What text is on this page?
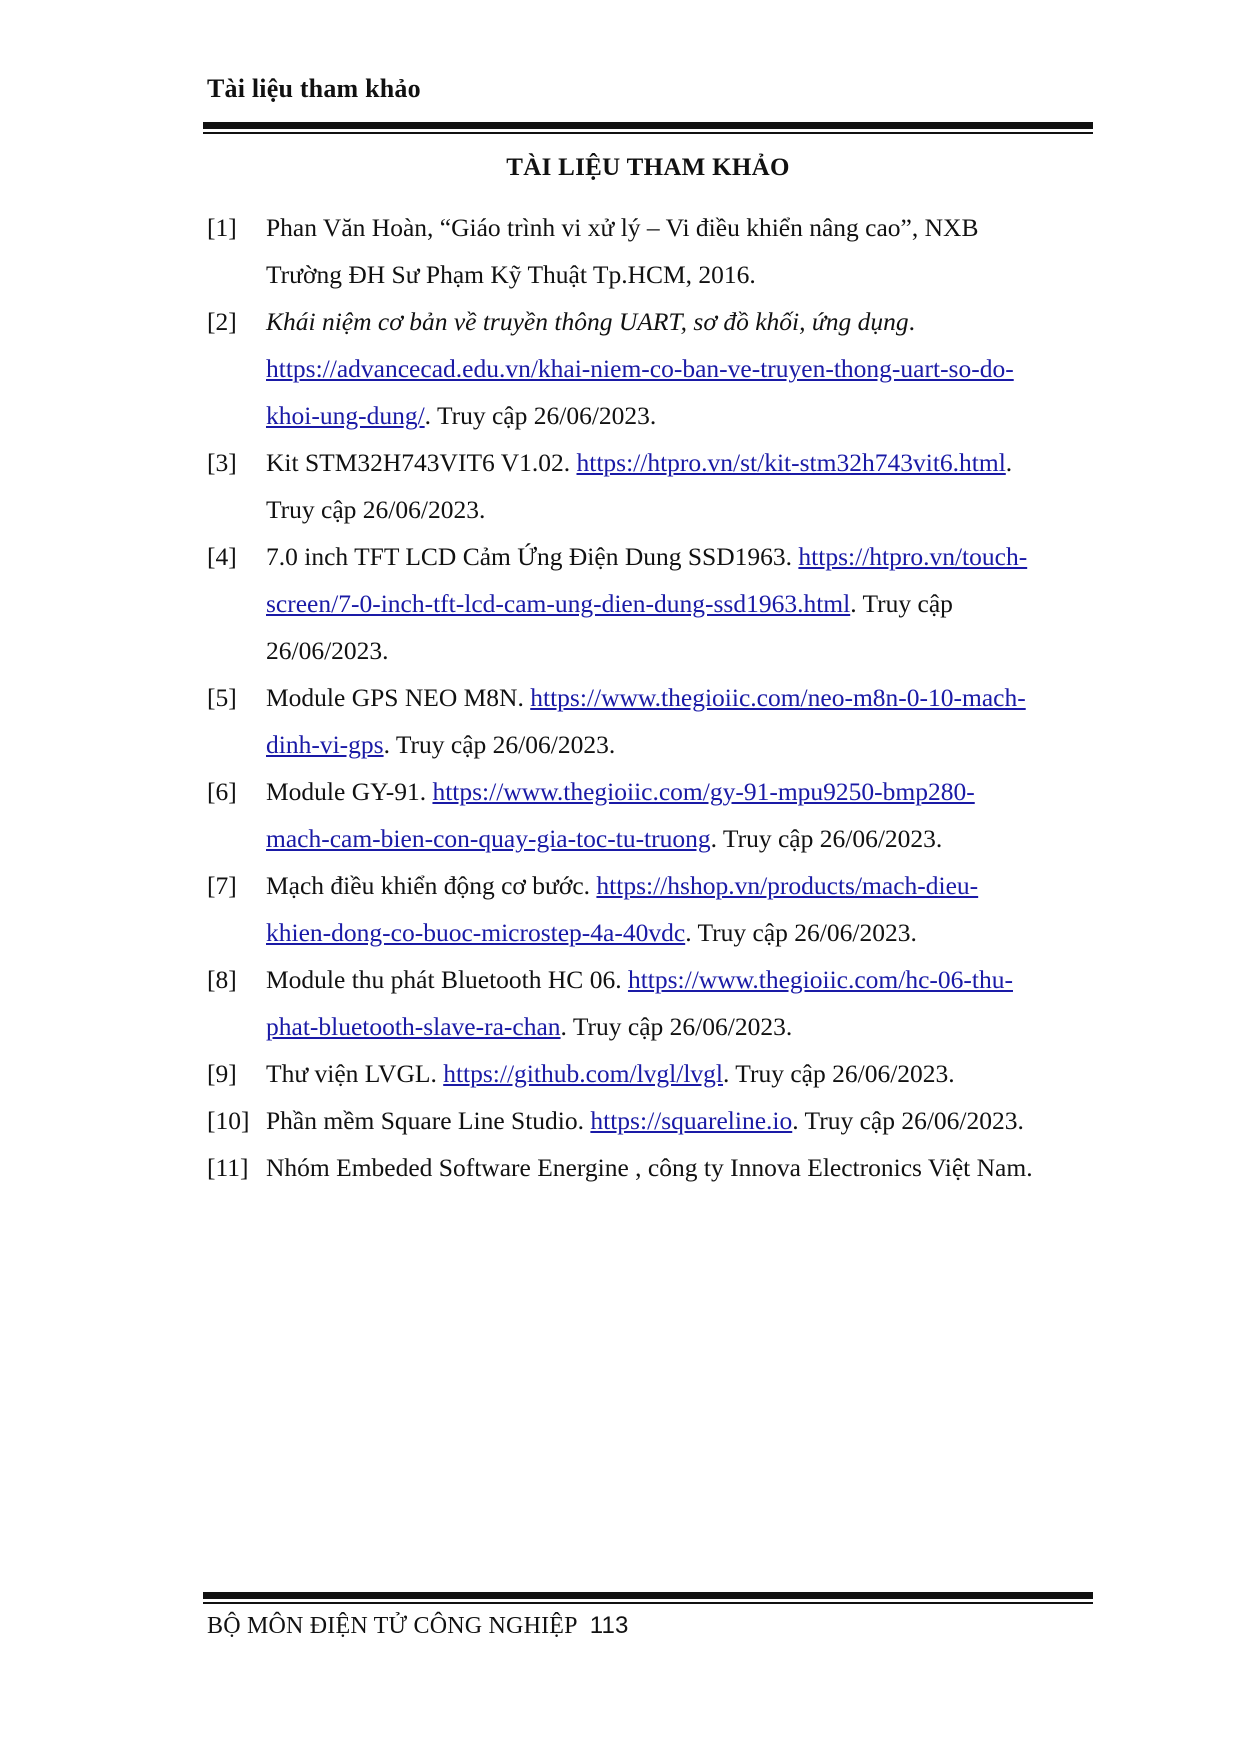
Tài liệu tham khảo
TÀI LIỆU THAM KHẢO
[1]	Phan Văn Hoàn, “Giáo trình vi xử lý – Vi điều khiển nâng cao”, NXB
Trường ĐH Sư Phạm Kỹ Thuật Tp.HCM, 2016.
[2]	Khái niệm cơ bản về truyền thông UART, sơ đồ khối, ứng dụng.
https://advancecad.edu.vn/khai-niem-co-ban-ve-truyen-thong-uart-so-do-
khoi-ung-dung/. Truy cập 26/06/2023.
[3]	Kit STM32H743VIT6 V1.02. https://htpro.vn/st/kit-stm32h743vit6.html.
Truy cập 26/06/2023.
[4]	7.0 inch TFT LCD Cảm Ứng Điện Dung SSD1963. https://htpro.vn/touch-
screen/7-0-inch-tft-lcd-cam-ung-dien-dung-ssd1963.html. Truy cập
26/06/2023.
[5]	Module GPS NEO M8N. https://www.thegioiic.com/neo-m8n-0-10-mach-
dinh-vi-gps. Truy cập 26/06/2023.
[6]	Module GY-91. https://www.thegioiic.com/gy-91-mpu9250-bmp280-
mach-cam-bien-con-quay-gia-toc-tu-truong. Truy cập 26/06/2023.
[7]	Mạch điều khiển động cơ bước. https://hshop.vn/products/mach-dieu-
khien-dong-co-buoc-microstep-4a-40vdc. Truy cập 26/06/2023.
[8]	Module thu phát Bluetooth HC 06. https://www.thegioiic.com/hc-06-thu-
phat-bluetooth-slave-ra-chan. Truy cập 26/06/2023.
[9]	Thư viện LVGL. https://github.com/lvgl/lvgl. Truy cập 26/06/2023.
[10] Phần mềm Square Line Studio. https://squareline.io. Truy cập 26/06/2023.
[11] Nhóm Embeded Software Energine , công ty Innova Electronics Việt Nam.
BỘ MÔN ĐIỆN TỬ CÔNG NGHIỆP 113
